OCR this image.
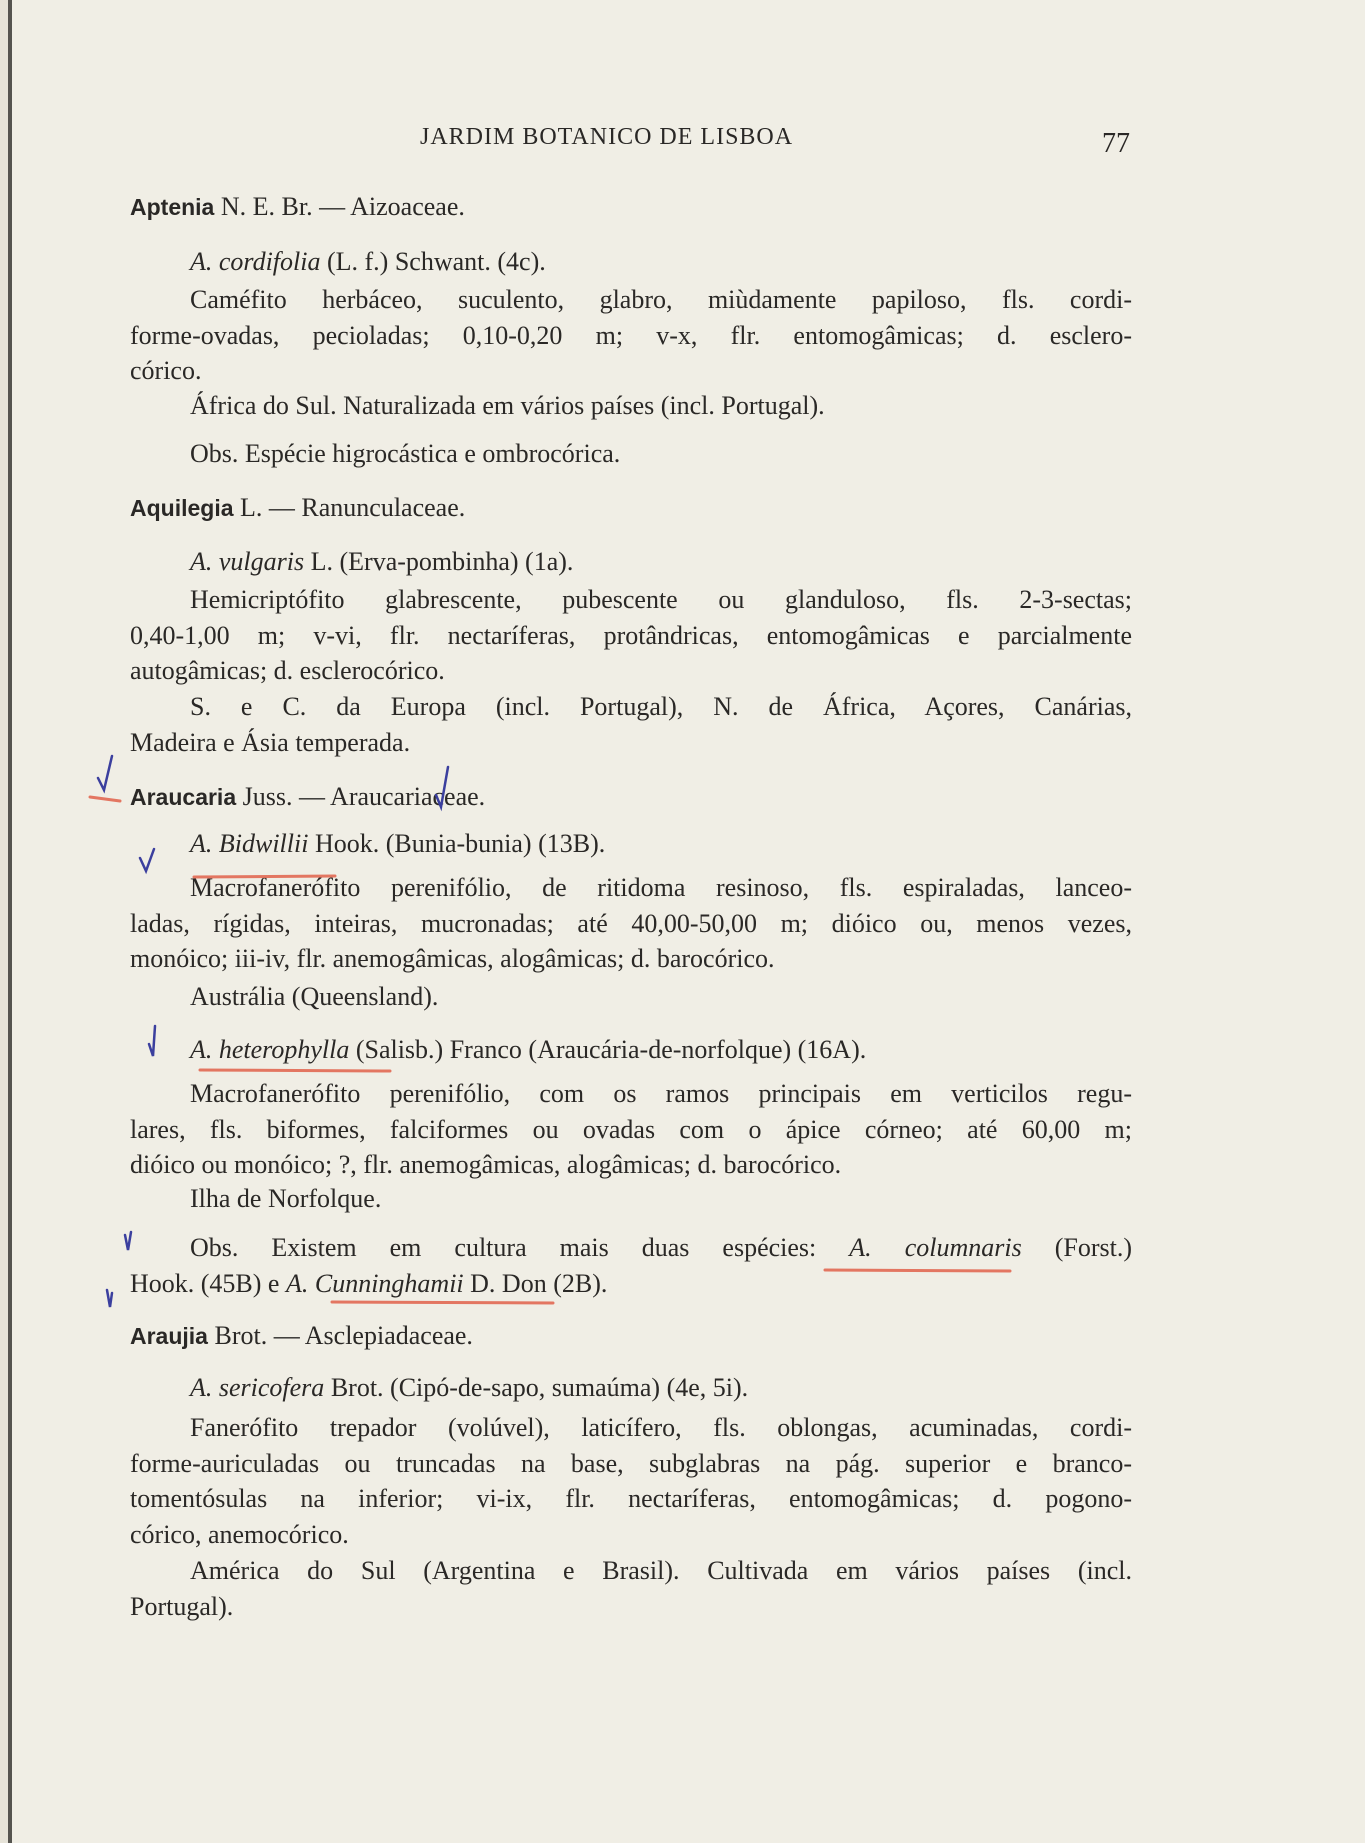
JARDIM BOTANICO DE LISBOA	77
Aptenia N. E. Br. — Aizoaceae.
A. cordifolia (L. f.) Schwant. (4c).
Caméfito herbáceo, suculento, glabro, miùdamente papiloso, fls. cordi-
forme-ovadas, pecioladas; 0,10-0,20 m; v-x, flr. entomogâmicas; d. esclero-
córico.
África do Sul. Naturalizada em vários países (incl. Portugal).
Obs. Espécie higrocástica e ombrocórica.
Aquilegia L. — Ranunculaceae.
A. vulgaris L. (Erva-pombinha) (1a).
Hemicriptófito glabrescente, pubescente ou glanduloso, fls. 2-3-sectas;
0,40-1,00 m; v-vi, flr. nectaríferas, protândricas, entomogâmicas e parcialmente
autogâmicas; d. esclerocórico.
S. e C. da Europa (incl. Portugal), N. de África, Açores, Canárias,
Madeira e Ásia temperada.
Araucaria Juss. — Araucariaceae.
A. Bidwillii Hook. (Bunia-bunia) (13B).
Macrofanerófito perenifólio, de ritidoma resinoso, fls. espiraladas, lanceo-
ladas, rígidas, inteiras, mucronadas; até 40,00-50,00 m; dióico ou, menos vezes,
monóico; iii-iv, flr. anemogâmicas, alogâmicas; d. barocórico.
Austrália (Queensland).
A. heterophylla (Salisb.) Franco (Araucária-de-norfolque) (16A).
Macrofanerófito perenifólio, com os ramos principais em verticilos regu-
lares, fls. biformes, falciformes ou ovadas com o ápice córneo; até 60,00 m;
dióico ou monóico; ?, flr. anemogâmicas, alogâmicas; d. barocórico.
Ilha de Norfolque.
Obs. Existem em cultura mais duas espécies: A. columnaris (Forst.)
Hook. (45B) e A. Cunninghamii D. Don (2B).
Araujia Brot. — Asclepiadaceae.
A. sericofera Brot. (Cipó-de-sapo, sumaúma) (4e, 5i).
Fanerófito trepador (volúvel), laticífero, fls. oblongas, acuminadas, cordi-
forme-auriculadas ou truncadas na base, subglabras na pág. superior e branco-
tomentósulas na inferior; vi-ix, flr. nectaríferas, entomogâmicas; d. pogono-
córico, anemocórico.
América do Sul (Argentina e Brasil). Cultivada em vários países (incl.
Portugal).
